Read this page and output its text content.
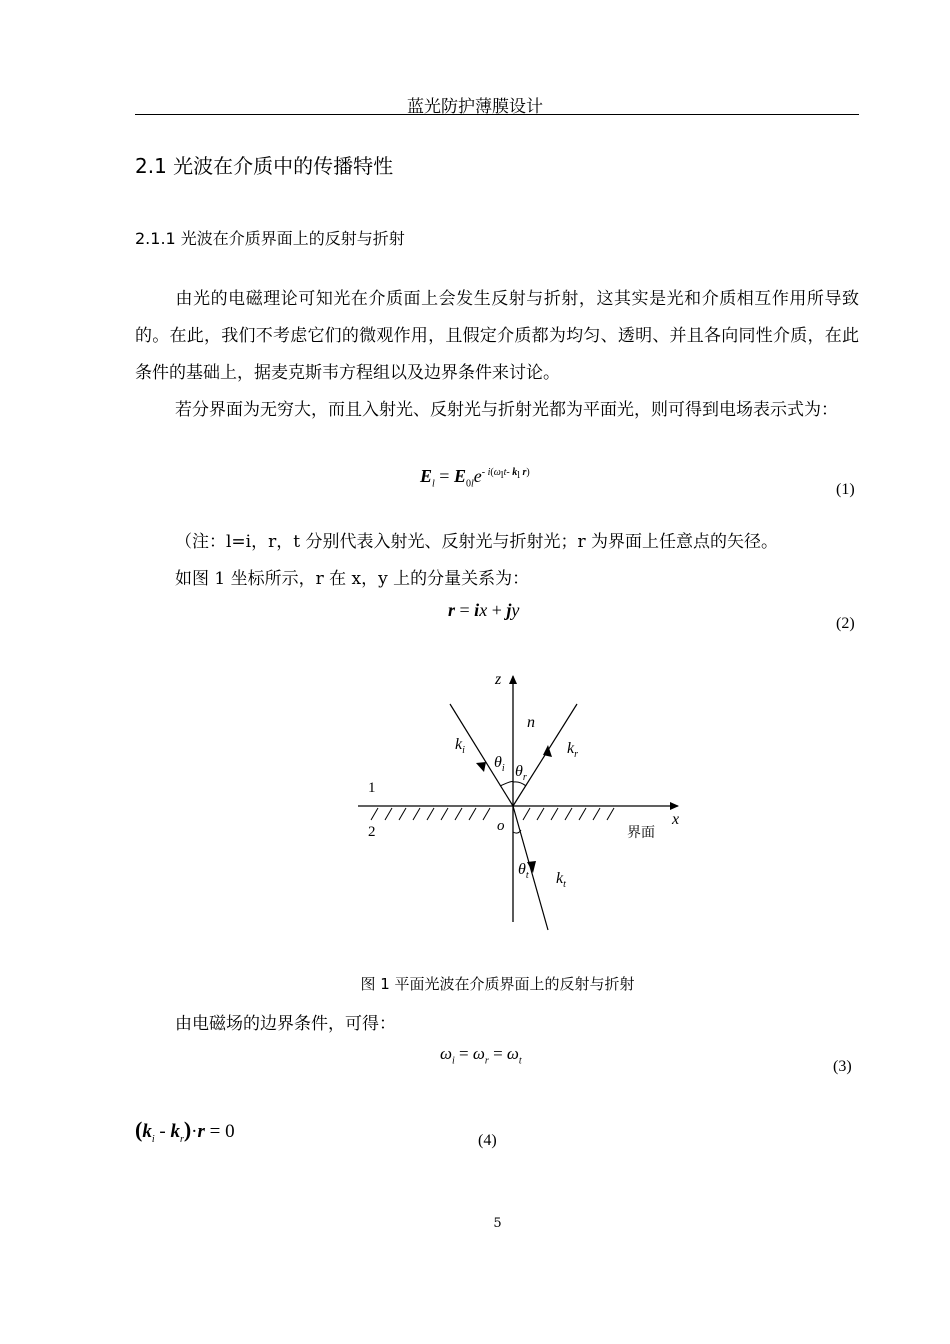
蓝光防护薄膜设计
2.1 光波在介质中的传播特性
2.1.1 光波在介质界面上的反射与折射
由光的电磁理论可知光在介质面上会发生反射与折射，这其实是光和介质相互作用所导致的。在此，我们不考虑它们的微观作用，且假定介质都为均匀、透明、并且各向同性介质，在此条件的基础上，据麦克斯韦方程组以及边界条件来讨论。
若分界面为无穷大，而且入射光、反射光与折射光都为平面光，则可得到电场表示式为：
$E_l = E_{0l}e^{- i(\omega_lt- k_l r)}$
(1)
（注：l=i，r，t 分别代表入射光、反射光与折射光；r 为界面上任意点的矢径。
如图 1 坐标所示，r 在 x，y 上的分量关系为：
r = ix + jy
(2)
z
x
o
n
1
2	界面
$k_i$	$k_r$
$k_t$
$\theta_i$ $\theta_r$
$\theta_t$
图 1 平面光波在介质界面上的反射与折射
由电磁场的边界条件，可得：
$\omega_i = \omega_r = \omega_t$	(3)
$(k_i - k_r)\cdot r = 0$	(4)
5
